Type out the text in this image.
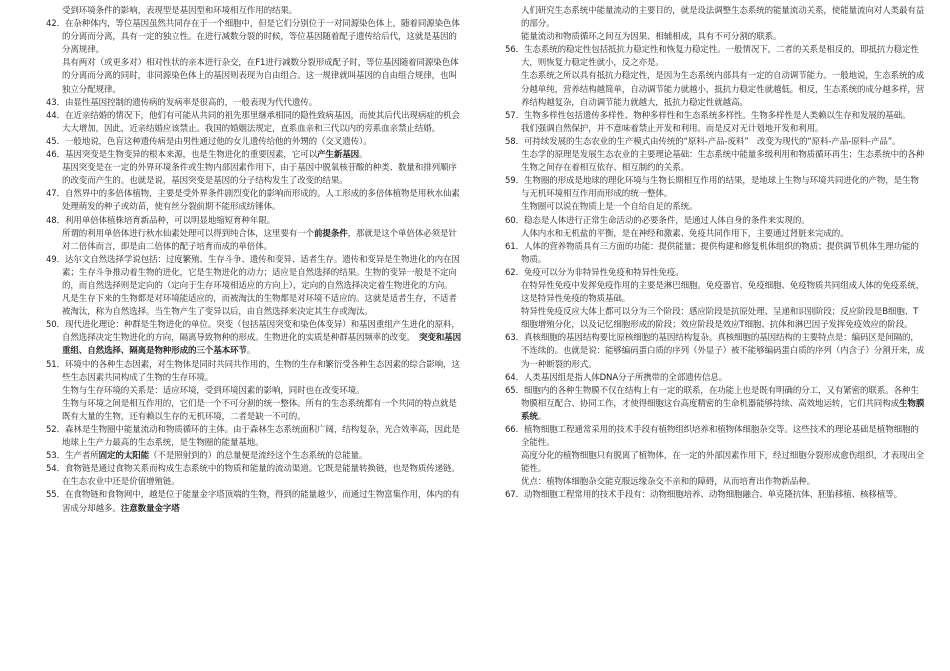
受到环境条件的影响，表现型是基因型和环境相互作用的结果。
42．在杂种体内，等位基因虽然共同存在于一个细胞中，但是它们分别位于一对同源染色体上，随着同源染色体的分离而分离，具有一定的独立性。在进行减数分裂的时候，等位基因随着配子遗传给后代，这就是基因的分离规律。
具有两对（或更多对）相对性状的亲本进行杂交，在F1进行减数分裂形成配子时，等位基因随着同源染色体的分离而分离的同时，非同源染色体上的基因则表现为自由组合。这一规律就叫基因的自由组合规律，也叫独立分配规律。
43．由显性基因控制的遗传病的发病率是很高的，一般表现为代代遗传。
44．在近亲结婚的情况下，他们有可能从共同的祖先那里继承相同的隐性致病基因，而使其后代出现病症的机会大大增加，因此，近亲结婚应该禁止。我国的婚姻法规定，直系血亲和三代以内的旁系血亲禁止结婚。
45．一般地说，色盲这种遗传病是由男性通过他的女儿遗传给他的外甥的（交叉遗传）。
46．基因突变是生物变异的根本来源，也是生物进化的重要因素，它可以产生新基因。
基因突变是在一定的外界环境条件或生物内部因素作用下，由于基因中脱氧核苷酸的种类、数量和排列顺序的改变而产生的。也就是说，基因突变是基因的分子结构发生了改变的结果。
47．自然界中的多倍体植物，主要是受外界条件剧烈变化的影响而形成的。人工形成的多倍体植物是用秋水仙素处理萌发的种子或幼苗，使有丝分裂前期不能形成纺锤体。
48．利用单倍体植株培育新品种，可以明显地缩短育种年限。
所谓的利用单倍体进行秋水仙素处理可以得到纯合体，这里要有一个前提条件，那就是这个单倍体必须是针对二倍体而言，即是由二倍体的配子培育而成的单倍体。
49．达尔文自然选择学说包括：过度繁殖、生存斗争、遗传和变异、适者生存。遗传和变异是生物进化的内在因素；生存斗争推动着生物的进化，它是生物进化的动力；适应是自然选择的结果。生物的变异一般是不定向的，而自然选择则是定向的（定向于生存环境相适应的方向上），定向的自然选择决定着生物进化的方向。　凡是生存下来的生物都是对环境能适应的，而被淘汰的生物都是对环境不适应的。这就是适者生存，不适者被淘汰，称为自然选择。当生物产生了变异以后，由自然选择来决定其生存或淘汰。
50．现代进化理论：种群是生物进化的单位。突变（包括基因突变和染色体变异）和基因重组产生进化的原料，自然选择决定生物进化的方向，隔离导致物种的形成。生物进化的实质是种群基因频率的改变。　突变和基因重组、自然选择、隔离是物种形成的三个基本环节。
51．环境中的各种生态因素，对生物体是同时共同共作用的，生物的生存和繁衍受各种生态因素的综合影响，这些生态因素共同构成了生物的生存环境。
生物与生存环境的关系是：适应环境，受到环境因素的影响，同时也在改变环境。
生物与环境之间是相互作用的，它们是一个不可分割的统一整体。所有的生态系统都有一个共同的特点就是既有大量的生物，还有赖以生存的无机环境，二者是缺一不可的。
52．森林是生物圈中能量流动和物质循环的主体。由于森林生态系统面积广阔，结构复杂，光合效率高，因此是地球上生产力最高的生态系统，是生物圈的能量基地。
53．生产者所固定的太阳能（不是照射到的）的总量便是流经这个生态系统的总能量。
54．食物链是通过食物关系而构成生态系统中的物质和能量的流动渠道。它既是能量转换链，也是物质传递链。在生态农业中还是价值增殖链。
55．在食物链和食物网中，越是位于能量金字塔顶端的生物，得到的能量越少，而通过生物富集作用，体内的有害成分却越多。注意数量金字塔
人们研究生态系统中能量流动的主要目的，就是设法调整生态系统的能量流动关系，使能量流向对人类最有益的部分。
能量流动和物质循环之间互为因果、相辅相成，具有不可分割的联系。
56．生态系统的稳定性包括抵抗力稳定性和恢复力稳定性。一般情况下，二者的关系是相反的，即抵抗力稳定性大，则恢复力稳定性就小，反之亦是。
生态系统之所以具有抵抗力稳定性，是因为生态系统内部具有一定的自动调节能力。一般地说，生态系统的成分越单纯，营养结构越简单，自动调节能力就越小，抵抗力稳定性就越低。相反，生态系统的成分越多样，营养结构越复杂，自动调节能力就越大，抵抗力稳定性就越高。
57．生物多样性包括遗传多样性、物种多样性和生态系统多样性。生物多样性是人类赖以生存和发展的基础。
我们强调自然保护，并不意味着禁止开发和利用。而是反对无计划地开发和利用。
58．可持续发展的生态农业的生产模式由传统的“原料-产品-废料”　改变为现代的“原料-产品-原料-产品”。
生态学的原理是发展生态农业的主要理论基础：生态系统中能量多级利用和物质循环再生；生态系统中的各种生物之间存在着相互依存、相互制约的关系。
59．生物圈的形成是地球的理化环境与生物长期相互作用的结果，是地球上生物与环境共同进化的产物，是生物与无机环境相互作用而形成的统一整体。
生物圈可以说在物质上是一个自给自足的系统。
60．稳态是人体进行正常生命活动的必要条件，是通过人体自身的条件来实现的。
人体内水和无机盐的平衡，是在神经和激素、免疫共同作用下，主要通过肾脏来完成的。
61．人体的营养物质具有三方面的功能：提供能量；提供构建和修复机体组织的物质；提供调节机体生理功能的物质。
62．免疫可以分为非特异性免疫和特异性免疫。
在特异性免疫中发挥免疫作用的主要是淋巴细胞。免疫器官、免疫细胞、免疫物质共同组成人体的免疫系统，这是特异性免疫的物质基础。
特异性免疫反应大体上都可以分为三个阶段：感应阶段是抗原处理、呈递和识别阶段；反应阶段是B细胞、T细胞增殖分化，以及记忆细胞形成的阶段；效应阶段是效应T细胞、抗体和淋巴因子发挥免疫效应的阶段。
63．真核细胞的基因结构要比原核细胞的基因结构复杂。真核细胞的基因结构的主要特点是：编码区是间隔的，不连续的。也就是说：能够编码蛋白质的序列（外显子）被不能够编码蛋白质的序列（内含子）分割开来，成为一种断裂的形式。
64．人类基因组是指人体DNA分子所携带的全部遗传信息。
65．细胞内的各种生物膜不仅在结构上有一定的联系，在功能上也是既有明确的分工，又有紧密的联系。各种生物膜相互配合、协同工作，才使得细胞这台高度精密的生命机器能够持续、高效地运转，它们共同构成生物膜系统。
66．植物细胞工程通常采用的技术手段有植物组织培养和植物体细胞杂交等。这些技术的理论基础是植物细胞的全能性。
高度分化的植物细胞只有脱离了植物体，在一定的外部因素作用下，经过细胞分裂形成愈伤组织，才表现出全能性。
优点：植物体细胞杂交能克服远缘杂交不亲和的障碍，从而培育出作物新品种。
67．动物细胞工程常用的技术手段有：动物细胞培养、动物细胞融合、单克隆抗体、胚胎移植、核移植等。
